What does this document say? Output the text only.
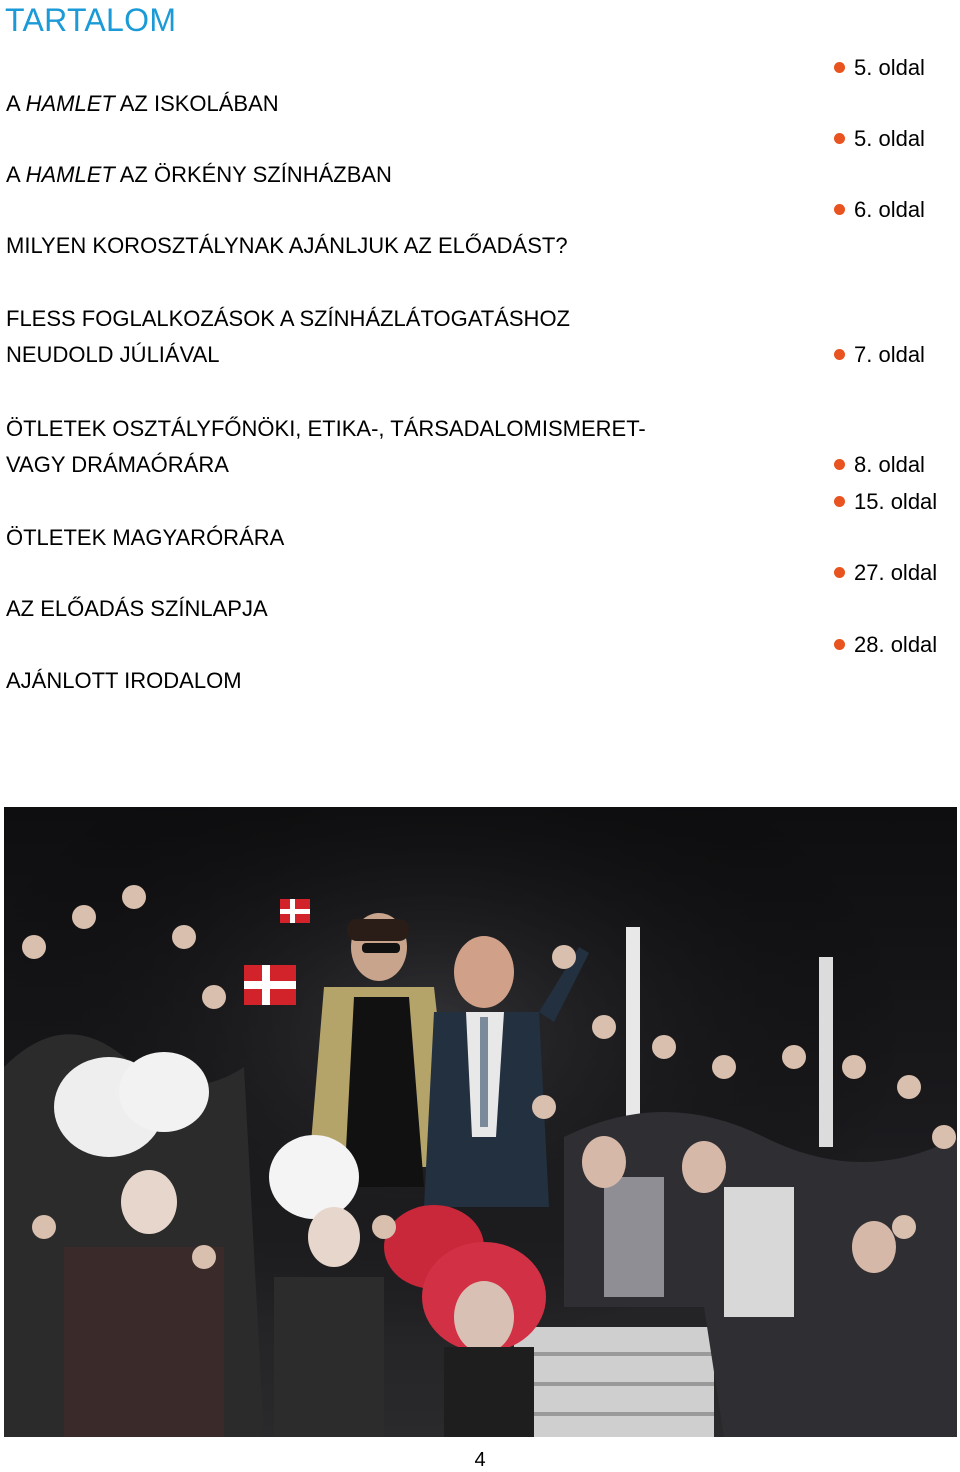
TARTALOM
A HAMLET AZ ISKOLÁBAN
5. oldal
A HAMLET AZ ÖRKÉNY SZÍNHÁZBAN
5. oldal
MILYEN KOROSZTÁLYNAK AJÁNLJUK AZ ELŐADÁST?
6. oldal
FLESS FOGLALKOZÁSOK A SZÍNHÁZLÁTOGATÁSHOZ
NEUDOLD JÚLIÁVAL	7. oldal
ÖTLETEK OSZTÁLYFŐNÖKI, ETIKA-, TÁRSADALOMISMERET-
VAGY DRÁMAÓRÁRA	8. oldal
ÖTLETEK MAGYARÓRÁRA
15. oldal
AZ ELŐADÁS SZÍNLAPJA
27. oldal
AJÁNLOTT IRODALOM
28. oldal
4
